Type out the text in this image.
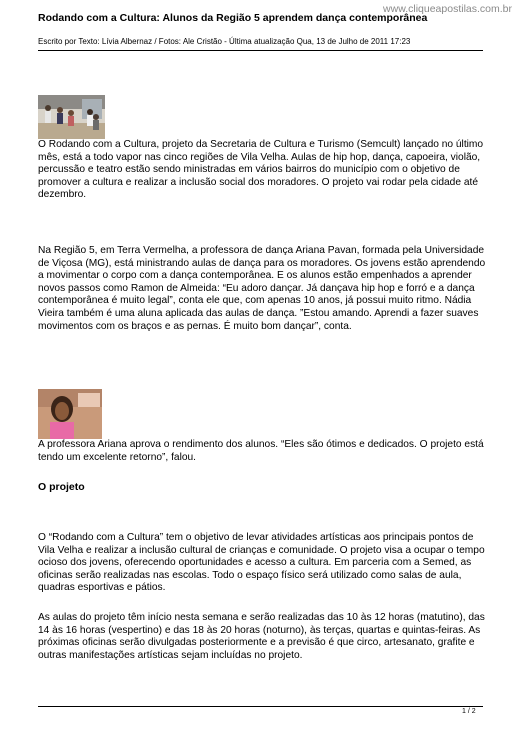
www.cliqueapostilas.com.br
Rodando com a Cultura: Alunos da Região 5 aprendem dança contemporânea
Escrito por Texto: Lívia Albernaz / Fotos: Ale Cristão - Última atualização Qua, 13 de Julho de 2011 17:23

O Rodando com a Cultura, projeto da Secretaria de Cultura e Turismo (Semcult) lançado no último mês, está a todo vapor nas cinco regiões de Vila Velha. Aulas de hip hop, dança, capoeira, violão, percussão e teatro estão sendo ministradas em vários bairros do município com o objetivo de promover a cultura e realizar a inclusão social dos moradores. O projeto vai rodar pela cidade até dezembro.

Na Região 5, em Terra Vermelha, a professora de dança Ariana Pavan, formada pela Universidade de Viçosa (MG), está ministrando aulas de dança para os moradores. Os jovens estão aprendendo a movimentar o corpo com a dança contemporânea. E os alunos estão empenhados a aprender novos passos como Ramon de Almeida: “Eu adoro dançar. Já dançava hip hop e forró e a dança contemporânea é muito legal”, conta ele que, com apenas 10 anos, já possui muito ritmo. Nádia Vieira também é uma aluna aplicada das aulas de dança. ”Estou amando. Aprendi a fazer suaves movimentos com os braços e as pernas. É muito bom dançar”, conta.

A professora Ariana aprova o rendimento dos alunos. “Eles são ótimos e dedicados. O projeto está tendo um excelente retorno”, falou.

O projeto

O “Rodando com a Cultura” tem o objetivo de levar atividades artísticas aos principais pontos de Vila Velha e realizar a inclusão cultural de crianças e comunidade. O projeto visa a ocupar o tempo ocioso dos jovens, oferecendo oportunidades e acesso a cultura. Em parceria com a Semed, as oficinas serão realizadas nas escolas. Todo o espaço físico será utilizado como salas de aula, quadras esportivas e pátios.

As aulas do projeto têm início nesta semana e serão realizadas das 10 às 12 horas (matutino), das 14 às 16 horas (vespertino) e das 18 às 20 horas (noturno), às terças, quartas e quintas-feiras. As próximas oficinas serão divulgadas posteriormente e a previsão é que circo, artesanato, grafite e outras manifestações artísticas sejam incluídas no projeto.

1 / 2
